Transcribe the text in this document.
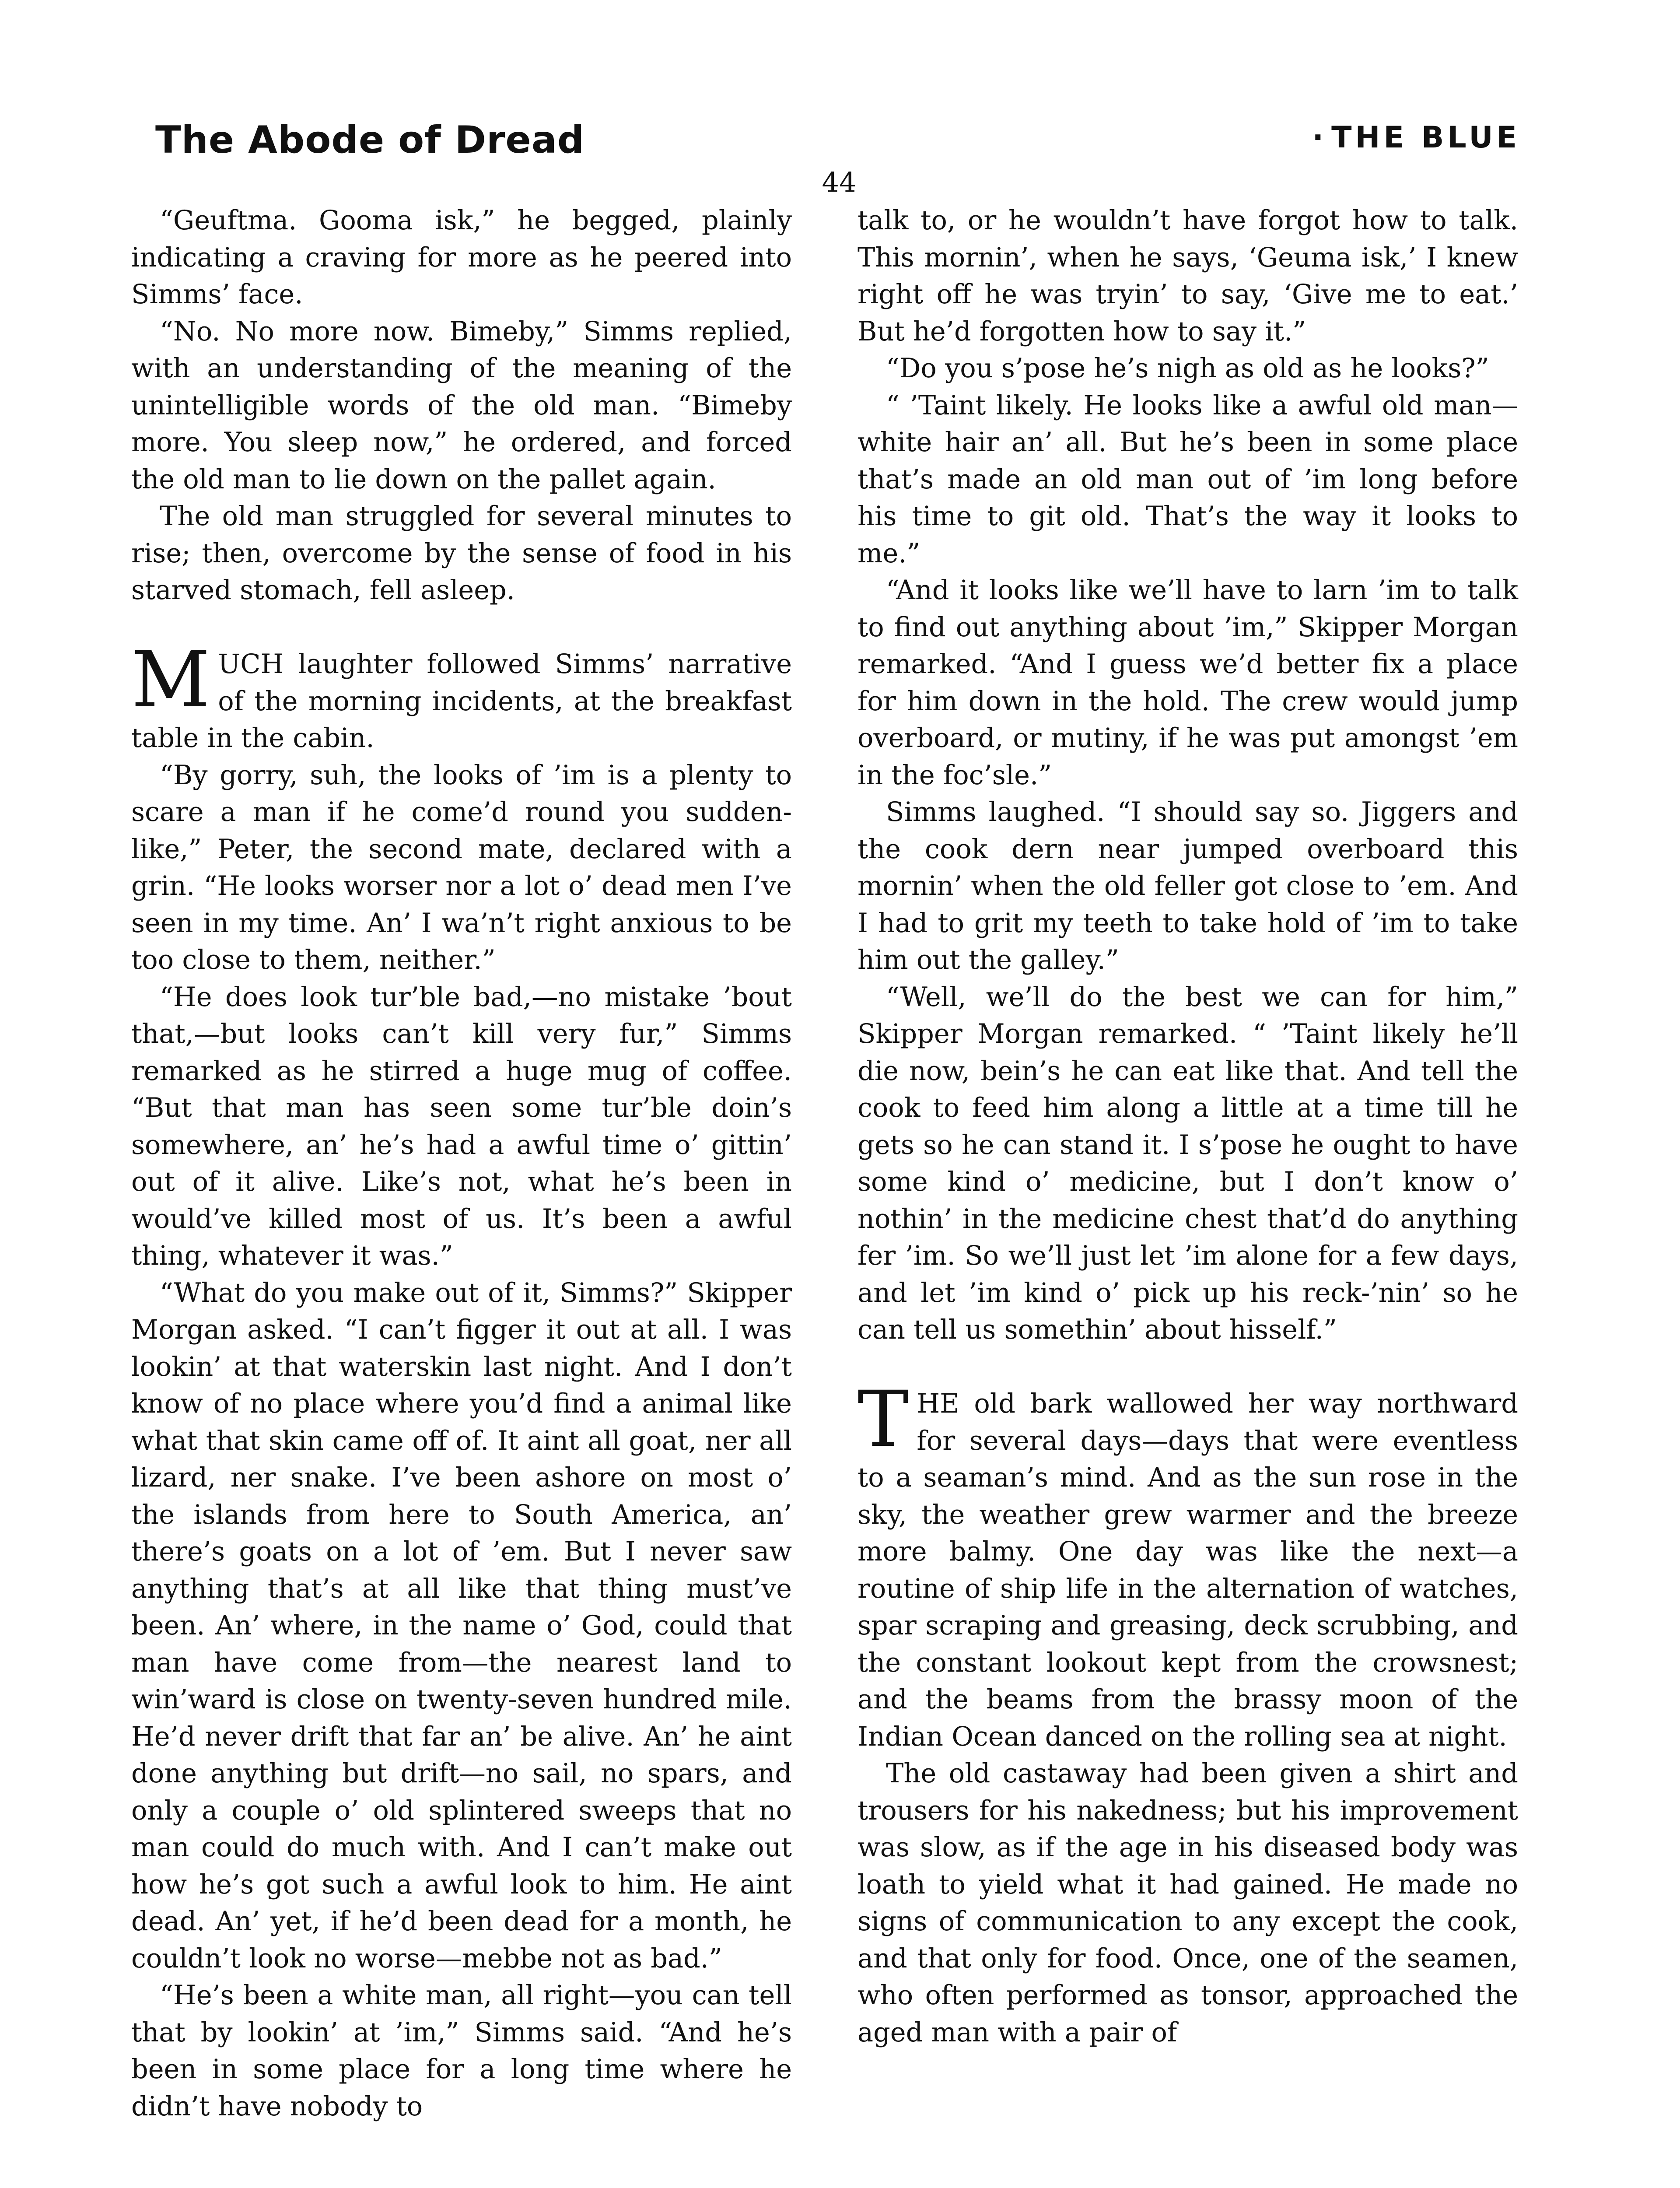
The Abode of Dread	· THE BLUE
44

“Geuftma. Gooma isk,” he begged, plainly indicating a craving for more as he peered into Simms’ face.

“No. No more now. Bimeby,” Simms replied, with an understanding of the meaning of the unintelligible words of the old man. “Bimeby more. You sleep now,” he ordered, and forced the old man to lie down on the pallet again.

The old man struggled for several minutes to rise; then, overcome by the sense of food in his starved stomach, fell asleep.

MUCH laughter followed Simms’ narrative of the morning incidents, at the breakfast table in the cabin.

“By gorry, suh, the looks of ’im is a plenty to scare a man if he come’d round you sudden-like,” Peter, the second mate, declared with a grin. “He looks worser nor a lot o’ dead men I’ve seen in my time. An’ I wa’n’t right anxious to be too close to them, neither.”

“He does look tur’ble bad,—no mistake ’bout that,—but looks can’t kill very fur,” Simms remarked as he stirred a huge mug of coffee. “But that man has seen some tur’ble doin’s somewhere, an’ he’s had a awful time o’ gittin’ out of it alive. Like’s not, what he’s been in would’ve killed most of us. It’s been a awful thing, whatever it was.”

“What do you make out of it, Simms?” Skipper Morgan asked. “I can’t figger it out at all. I was lookin’ at that waterskin last night. And I don’t know of no place where you’d find a animal like what that skin came off of. It aint all goat, ner all lizard, ner snake. I’ve been ashore on most o’ the islands from here to South America, an’ there’s goats on a lot of ’em. But I never saw anything that’s at all like that thing must’ve been. An’ where, in the name o’ God, could that man have come from—the nearest land to win’ward is close on twenty-seven hundred mile. He’d never drift that far an’ be alive. An’ he aint done anything but drift—no sail, no spars, and only a couple o’ old splintered sweeps that no man could do much with. And I can’t make out how he’s got such a awful look to him. He aint dead. An’ yet, if he’d been dead for a month, he couldn’t look no worse—mebbe not as bad.”

“He’s been a white man, all right—you can tell that by lookin’ at ’im,” Simms said. “And he’s been in some place for a long time where he didn’t have nobody to

talk to, or he wouldn’t have forgot how to talk. This mornin’, when he says, ‘Geuma isk,’ I knew right off he was tryin’ to say, ‘Give me to eat.’ But he’d forgotten how to say it.”

“Do you s’pose he’s nigh as old as he looks?”

“ ’Taint likely. He looks like a awful old man—white hair an’ all. But he’s been in some place that’s made an old man out of ’im long before his time to git old. That’s the way it looks to me.”

“And it looks like we’ll have to larn ’im to talk to find out anything about ’im,” Skipper Morgan remarked. “And I guess we’d better fix a place for him down in the hold. The crew would jump overboard, or mutiny, if he was put amongst ’em in the foc’sle.”

Simms laughed. “I should say so. Jiggers and the cook dern near jumped overboard this mornin’ when the old feller got close to ’em. And I had to grit my teeth to take hold of ’im to take him out the galley.”

“Well, we’ll do the best we can for him,” Skipper Morgan remarked. “ ’Taint likely he’ll die now, bein’s he can eat like that. And tell the cook to feed him along a little at a time till he gets so he can stand it. I s’pose he ought to have some kind o’ medicine, but I don’t know o’ nothin’ in the medicine chest that’d do anything fer ’im. So we’ll just let ’im alone for a few days, and let ’im kind o’ pick up his reck-’nin’ so he can tell us somethin’ about hisself.”

THE old bark wallowed her way northward for several days—days that were eventless to a seaman’s mind. And as the sun rose in the sky, the weather grew warmer and the breeze more balmy. One day was like the next—a routine of ship life in the alternation of watches, spar scraping and greasing, deck scrubbing, and the constant lookout kept from the crowsnest; and the beams from the brassy moon of the Indian Ocean danced on the rolling sea at night.

The old castaway had been given a shirt and trousers for his nakedness; but his improvement was slow, as if the age in his diseased body was loath to yield what it had gained. He made no signs of communication to any except the cook, and that only for food. Once, one of the seamen, who often performed as tonsor, approached the aged man with a pair of
